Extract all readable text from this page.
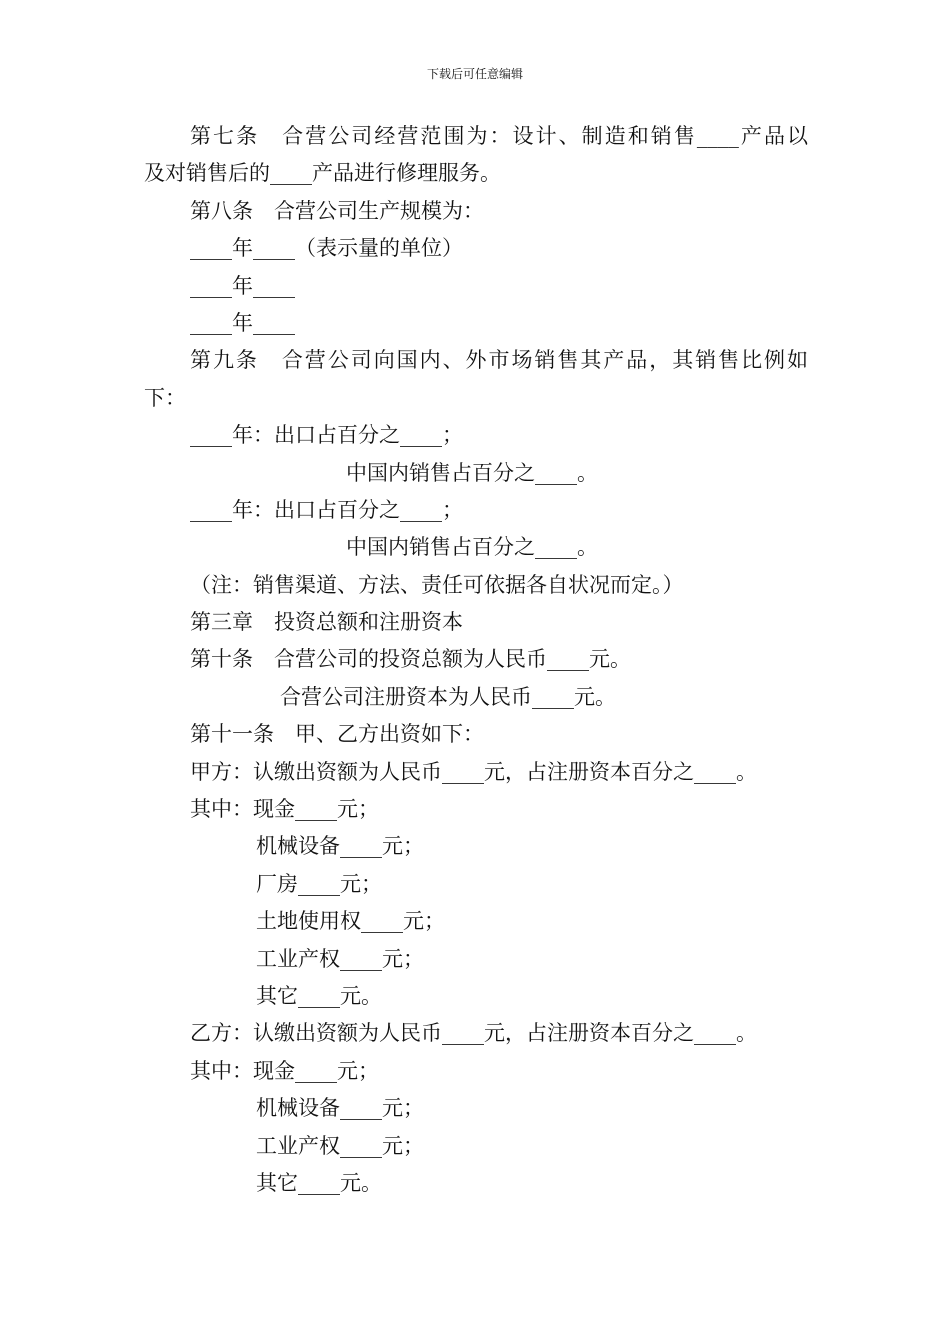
下载后可任意编辑
第七条　合营公司经营范围为：设计、制造和销售____产品以
及对销售后的____产品进行修理服务。
第八条　合营公司生产规模为：
____年____（表示量的单位）
____年____
____年____
第九条　合营公司向国内、外市场销售其产品，其销售比例如
下：
____年：出口占百分之____；
中国内销售占百分之____。
____年：出口占百分之____；
中国内销售占百分之____。
（注：销售渠道、方法、责任可依据各自状况而定。）
第三章　投资总额和注册资本
第十条　合营公司的投资总额为人民币____元。
合营公司注册资本为人民币____元。
第十一条　甲、乙方出资如下：
甲方：认缴出资额为人民币____元，占注册资本百分之____。
其中：现金____元；
机械设备____元；
厂房____元；
土地使用权____元；
工业产权____元；
其它____元。
乙方：认缴出资额为人民币____元，占注册资本百分之____。
其中：现金____元；
机械设备____元；
工业产权____元；
其它____元。
